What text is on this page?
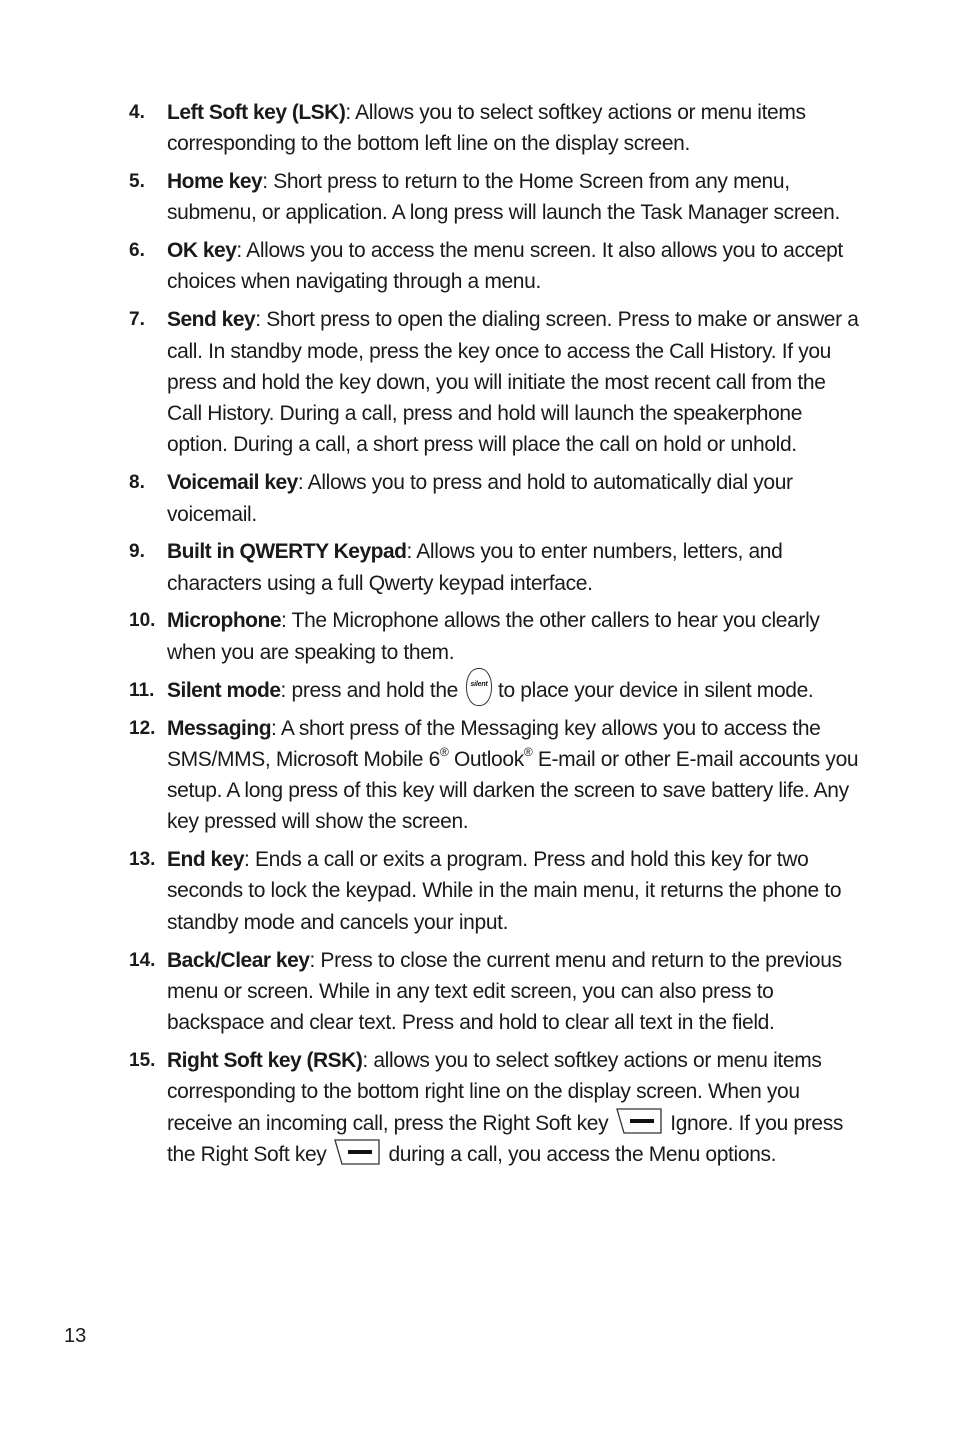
4.	Left Soft key (LSK): Allows you to select softkey actions or menu items corresponding to the bottom left line on the display screen.
5.	Home key: Short press to return to the Home Screen from any menu, submenu, or application. A long press will launch the Task Manager screen.
6.	OK key: Allows you to access the menu screen. It also allows you to accept choices when navigating through a menu.
7.	Send key: Short press to open the dialing screen. Press to make or answer a call. In standby mode, press the key once to access the Call History. If you press and hold the key down, you will initiate the most recent call from the Call History. During a call, press and hold will launch the speakerphone option. During a call, a short press will place the call on hold or unhold.
8.	Voicemail key: Allows you to press and hold to automatically dial your voicemail.
9.	Built in QWERTY Keypad: Allows you to enter numbers, letters, and characters using a full Qwerty keypad interface.
10. Microphone: The Microphone allows the other callers to hear you clearly when you are speaking to them.
11. Silent mode: press and hold the	silent to place your device in silent mode.
12. Messaging: A short press of the Messaging key allows you to access the SMS/MMS, Microsoft Mobile 6® Outlook® E-mail or other E-mail accounts you setup. A long press of this key will darken the screen to save battery life. Any key pressed will show the screen.
13. End key: Ends a call or exits a program. Press and hold this key for two seconds to lock the keypad. While in the main menu, it returns the phone to standby mode and cancels your input.
14. Back/Clear key: Press to close the current menu and return to the previous menu or screen. While in any text edit screen, you can also press to backspace and clear text. Press and hold to clear all text in the field.
15. Right Soft key (RSK): allows you to select softkey actions or menu items corresponding to the bottom right line on the display screen. When you receive an incoming call, press the Right Soft key	Ignore. If you press the Right Soft key	during a call, you access the Menu options.
13
